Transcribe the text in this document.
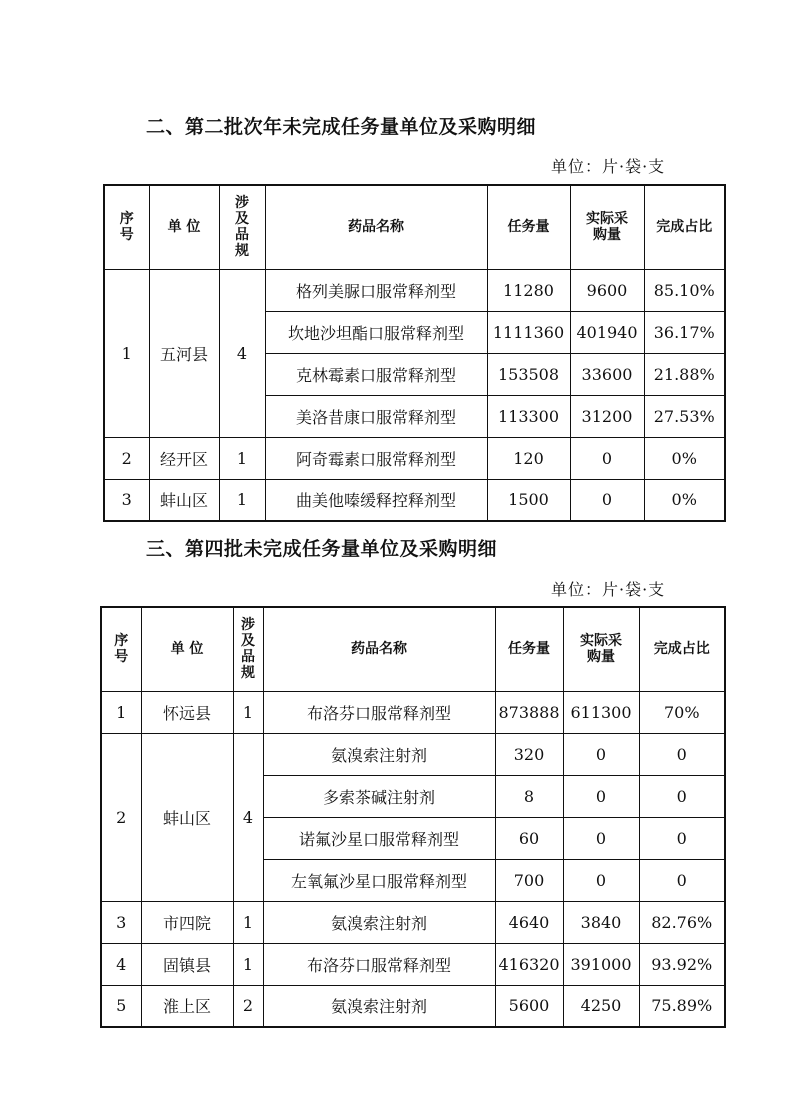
二、第二批次年未完成任务量单位及采购明细
单位：片·袋·支
序号	单 位	涉及品规	药品名称	任务量	实际采购量	完成占比
1	五河县	4	格列美脲口服常释剂型	11280	9600	85.10%
			坎地沙坦酯口服常释剂型	1111360	401940	36.17%
			克林霉素口服常释剂型	153508	33600	21.88%
			美洛昔康口服常释剂型	113300	31200	27.53%
2	经开区	1	阿奇霉素口服常释剂型	120	0	0%
3	蚌山区	1	曲美他嗪缓释控释剂型	1500	0	0%
三、第四批未完成任务量单位及采购明细
单位：片·袋·支
序号	单 位	涉及品规	药品名称	任务量	实际采购量	完成占比
1	怀远县	1	布洛芬口服常释剂型	873888	611300	70%
2	蚌山区	4	氨溴索注射剂	320	0	0
			多索茶碱注射剂	8	0	0
			诺氟沙星口服常释剂型	60	0	0
			左氧氟沙星口服常释剂型	700	0	0
3	市四院	1	氨溴索注射剂	4640	3840	82.76%
4	固镇县	1	布洛芬口服常释剂型	416320	391000	93.92%
5	淮上区	2	氨溴索注射剂	5600	4250	75.89%
